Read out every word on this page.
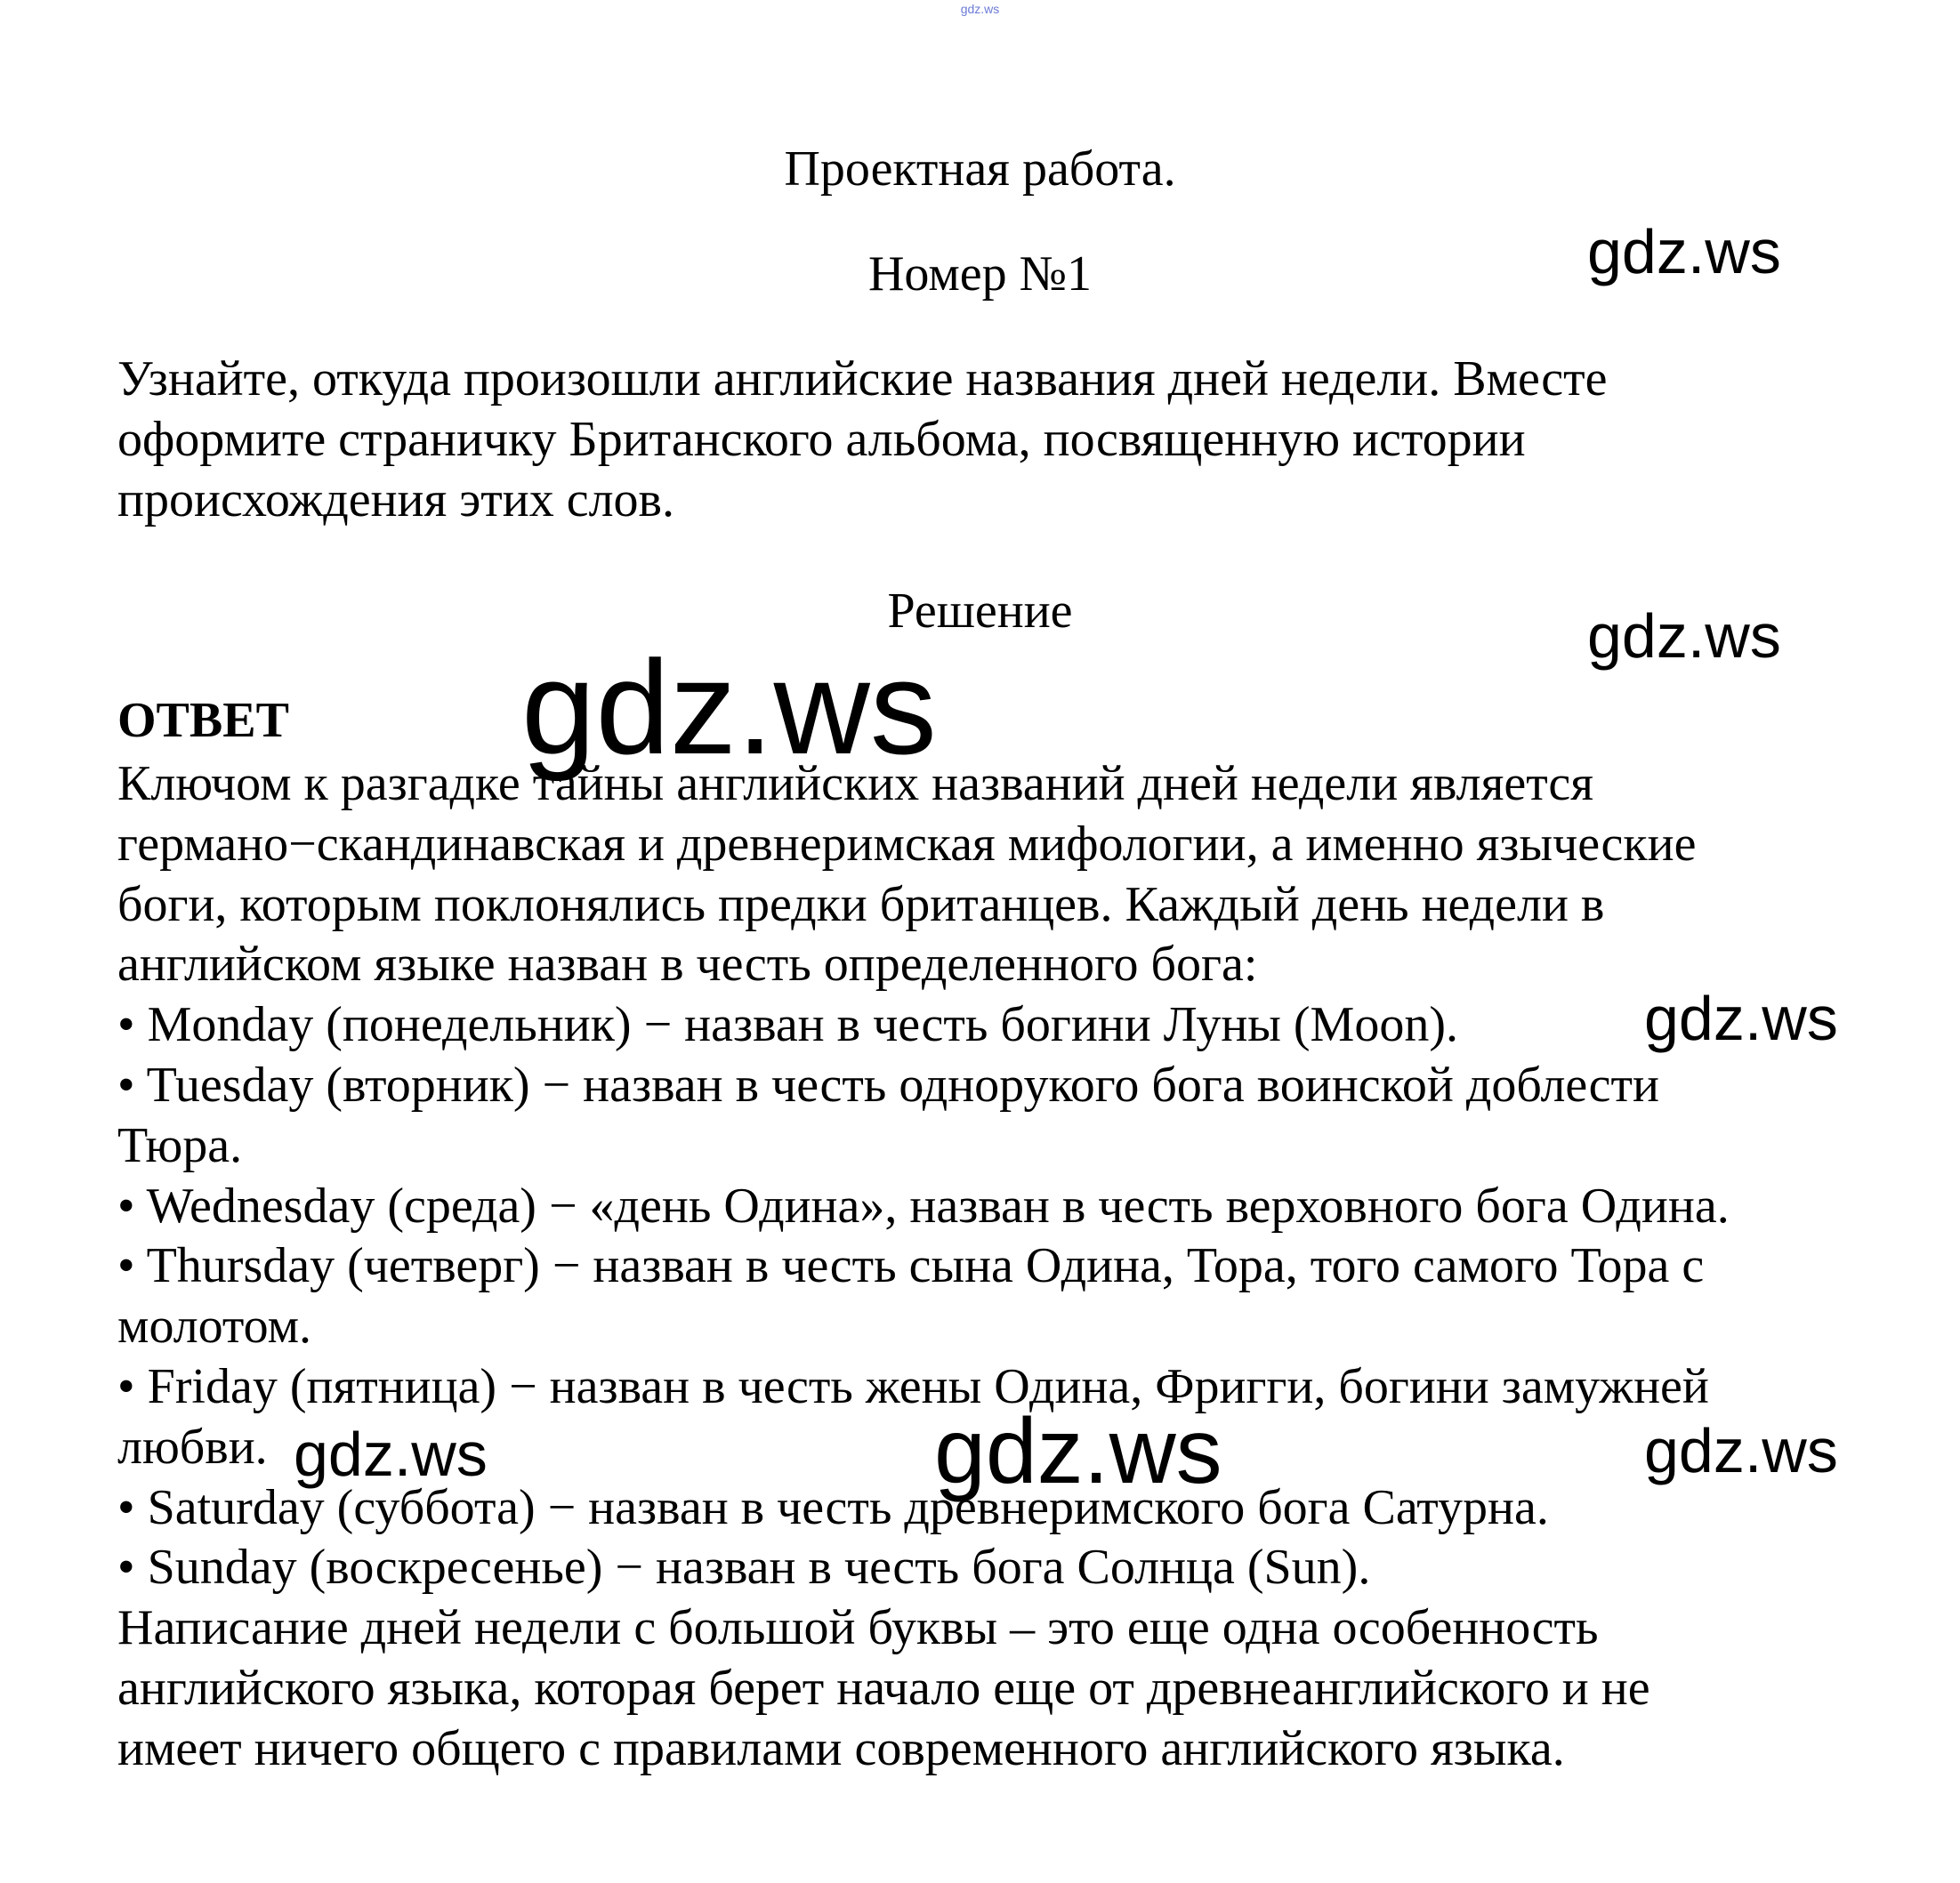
gdz.ws
Проектная работа.
Номер №1
Узнайте, откуда произошли английские названия дней недели. Вместе
оформите страничку Британского альбома, посвященную истории
происхождения этих слов.
Решение
ОТВЕТ
Ключом к разгадке тайны английских названий дней недели является
германо−скандинавская и древнеримская мифологии, а именно языческие
боги, которым поклонялись предки британцев. Каждый день недели в
английском языке назван в честь определенного бога:
• Monday (понедельник) − назван в честь богини Луны (Moon).
• Tuesday (вторник) − назван в честь однорукого бога воинской доблести
Тюра.
• Wednesday (среда) − «день Одина», назван в честь верховного бога Одина.
• Thursday (четверг) − назван в честь сына Одина, Тора, того самого Тора с
молотом.
• Friday (пятница) − назван в честь жены Одина, Фригги, богини замужней
любви.
• Saturday (суббота) − назван в честь древнеримского бога Сатурна.
• Sunday (воскресенье) − назван в честь бога Солнца (Sun).
Написание дней недели с большой буквы – это еще одна особенность
английского языка, которая берет начало еще от древнеанглийского и не
имеет ничего общего с правилами современного английского языка.
gdz.ws
gdz.ws
gdz.ws
gdz.ws
gdz.ws	gdz.ws	gdz.ws
